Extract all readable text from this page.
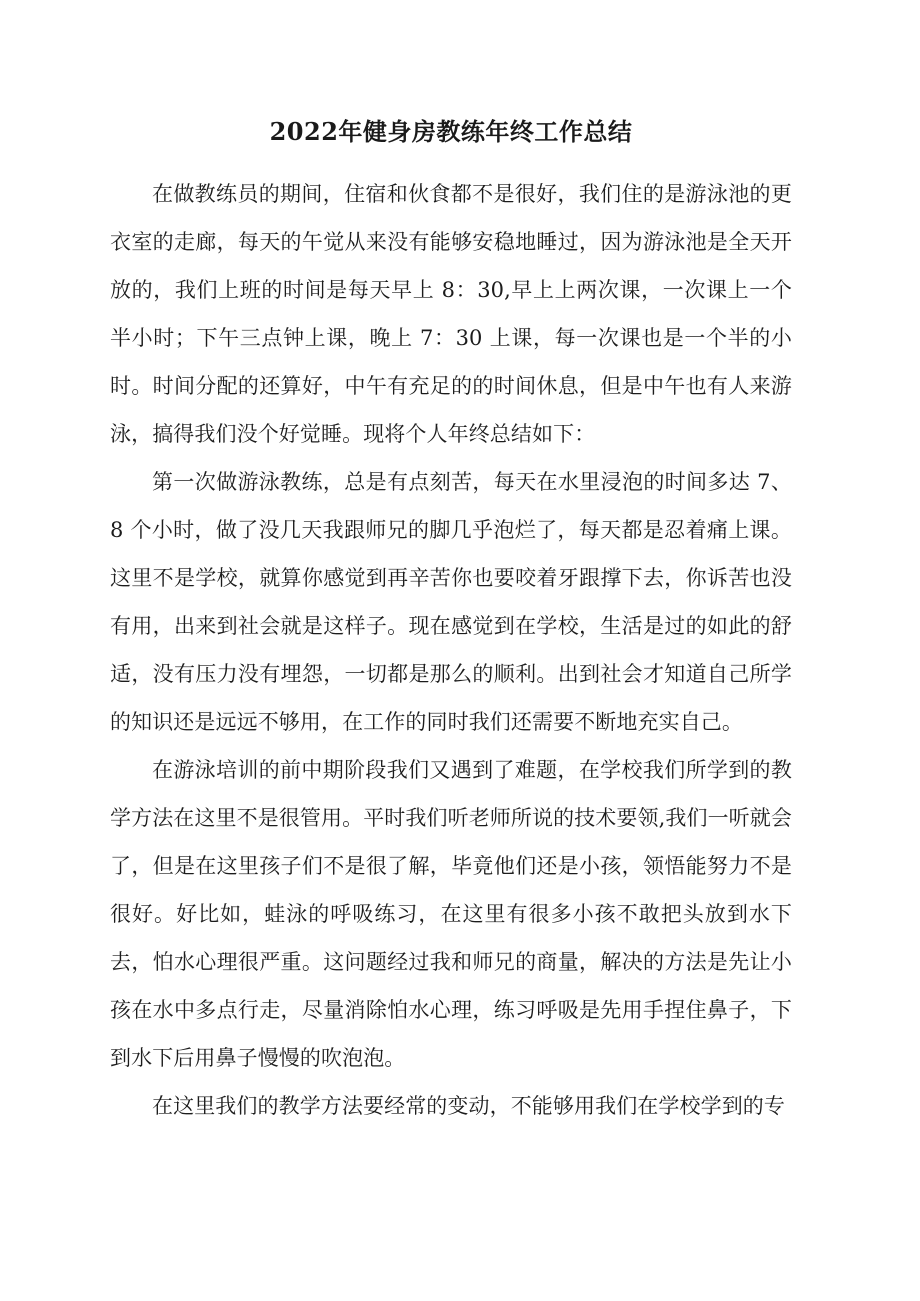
2022年健身房教练年终工作总结

在做教练员的期间，住宿和伙食都不是很好，我们住的是游泳池的更衣室的走廊，每天的午觉从来没有能够安稳地睡过，因为游泳池是全天开放的，我们上班的时间是每天早上 8：30,早上上两次课，一次课上一个半小时；下午三点钟上课，晚上 7：30 上课，每一次课也是一个半的小时。时间分配的还算好，中午有充足的的时间休息，但是中午也有人来游泳，搞得我们没个好觉睡。现将个人年终总结如下：

第一次做游泳教练，总是有点刻苦，每天在水里浸泡的时间多达 7、8 个小时，做了没几天我跟师兄的脚几乎泡烂了，每天都是忍着痛上课。这里不是学校，就算你感觉到再辛苦你也要咬着牙跟撑下去，你诉苦也没有用，出来到社会就是这样子。现在感觉到在学校，生活是过的如此的舒适，没有压力没有埋怨，一切都是那么的顺利。出到社会才知道自己所学的知识还是远远不够用，在工作的同时我们还需要不断地充实自己。

在游泳培训的前中期阶段我们又遇到了难题，在学校我们所学到的教学方法在这里不是很管用。平时我们听老师所说的技术要领,我们一听就会了，但是在这里孩子们不是很了解，毕竟他们还是小孩，领悟能努力不是很好。好比如，蛙泳的呼吸练习，在这里有很多小孩不敢把头放到水下去，怕水心理很严重。这问题经过我和师兄的商量，解决的方法是先让小孩在水中多点行走，尽量消除怕水心理，练习呼吸是先用手捏住鼻子，下到水下后用鼻子慢慢的吹泡泡。

在这里我们的教学方法要经常的变动，不能够用我们在学校学到的专
